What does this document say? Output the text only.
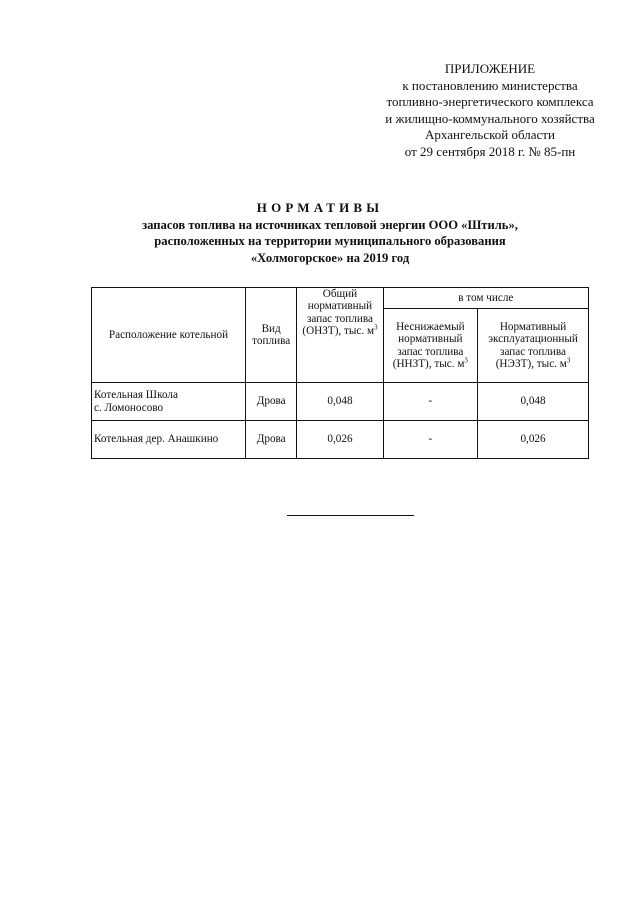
ПРИЛОЖЕНИЕ
к постановлению министерства
топливно-энергетического комплекса
и жилищно-коммунального хозяйства
Архангельской области
от 29 сентября 2018 г. № 85-пн
НОРМАТИВЫ
запасов топлива на источниках тепловой энергии ООО «Штиль»,
расположенных на территории муниципального образования
«Холмогорское» на 2019 год
Расположение котельной	Вид топлива	Общий нормативный запас топлива (ОНЗТ), тыс. $м^3$	в том числе	
			Неснижаемый нормативный запас топлива (ННЗТ), тыс. $м^3$	Нормативный эксплуатационный запас топлива (НЭЗТ), тыс. $м^3$
Котельная Школа
с. Ломоносово	Дрова	0,048	-	0,048
Котельная дер. Анашкино	Дрова	0,026	-	0,026
